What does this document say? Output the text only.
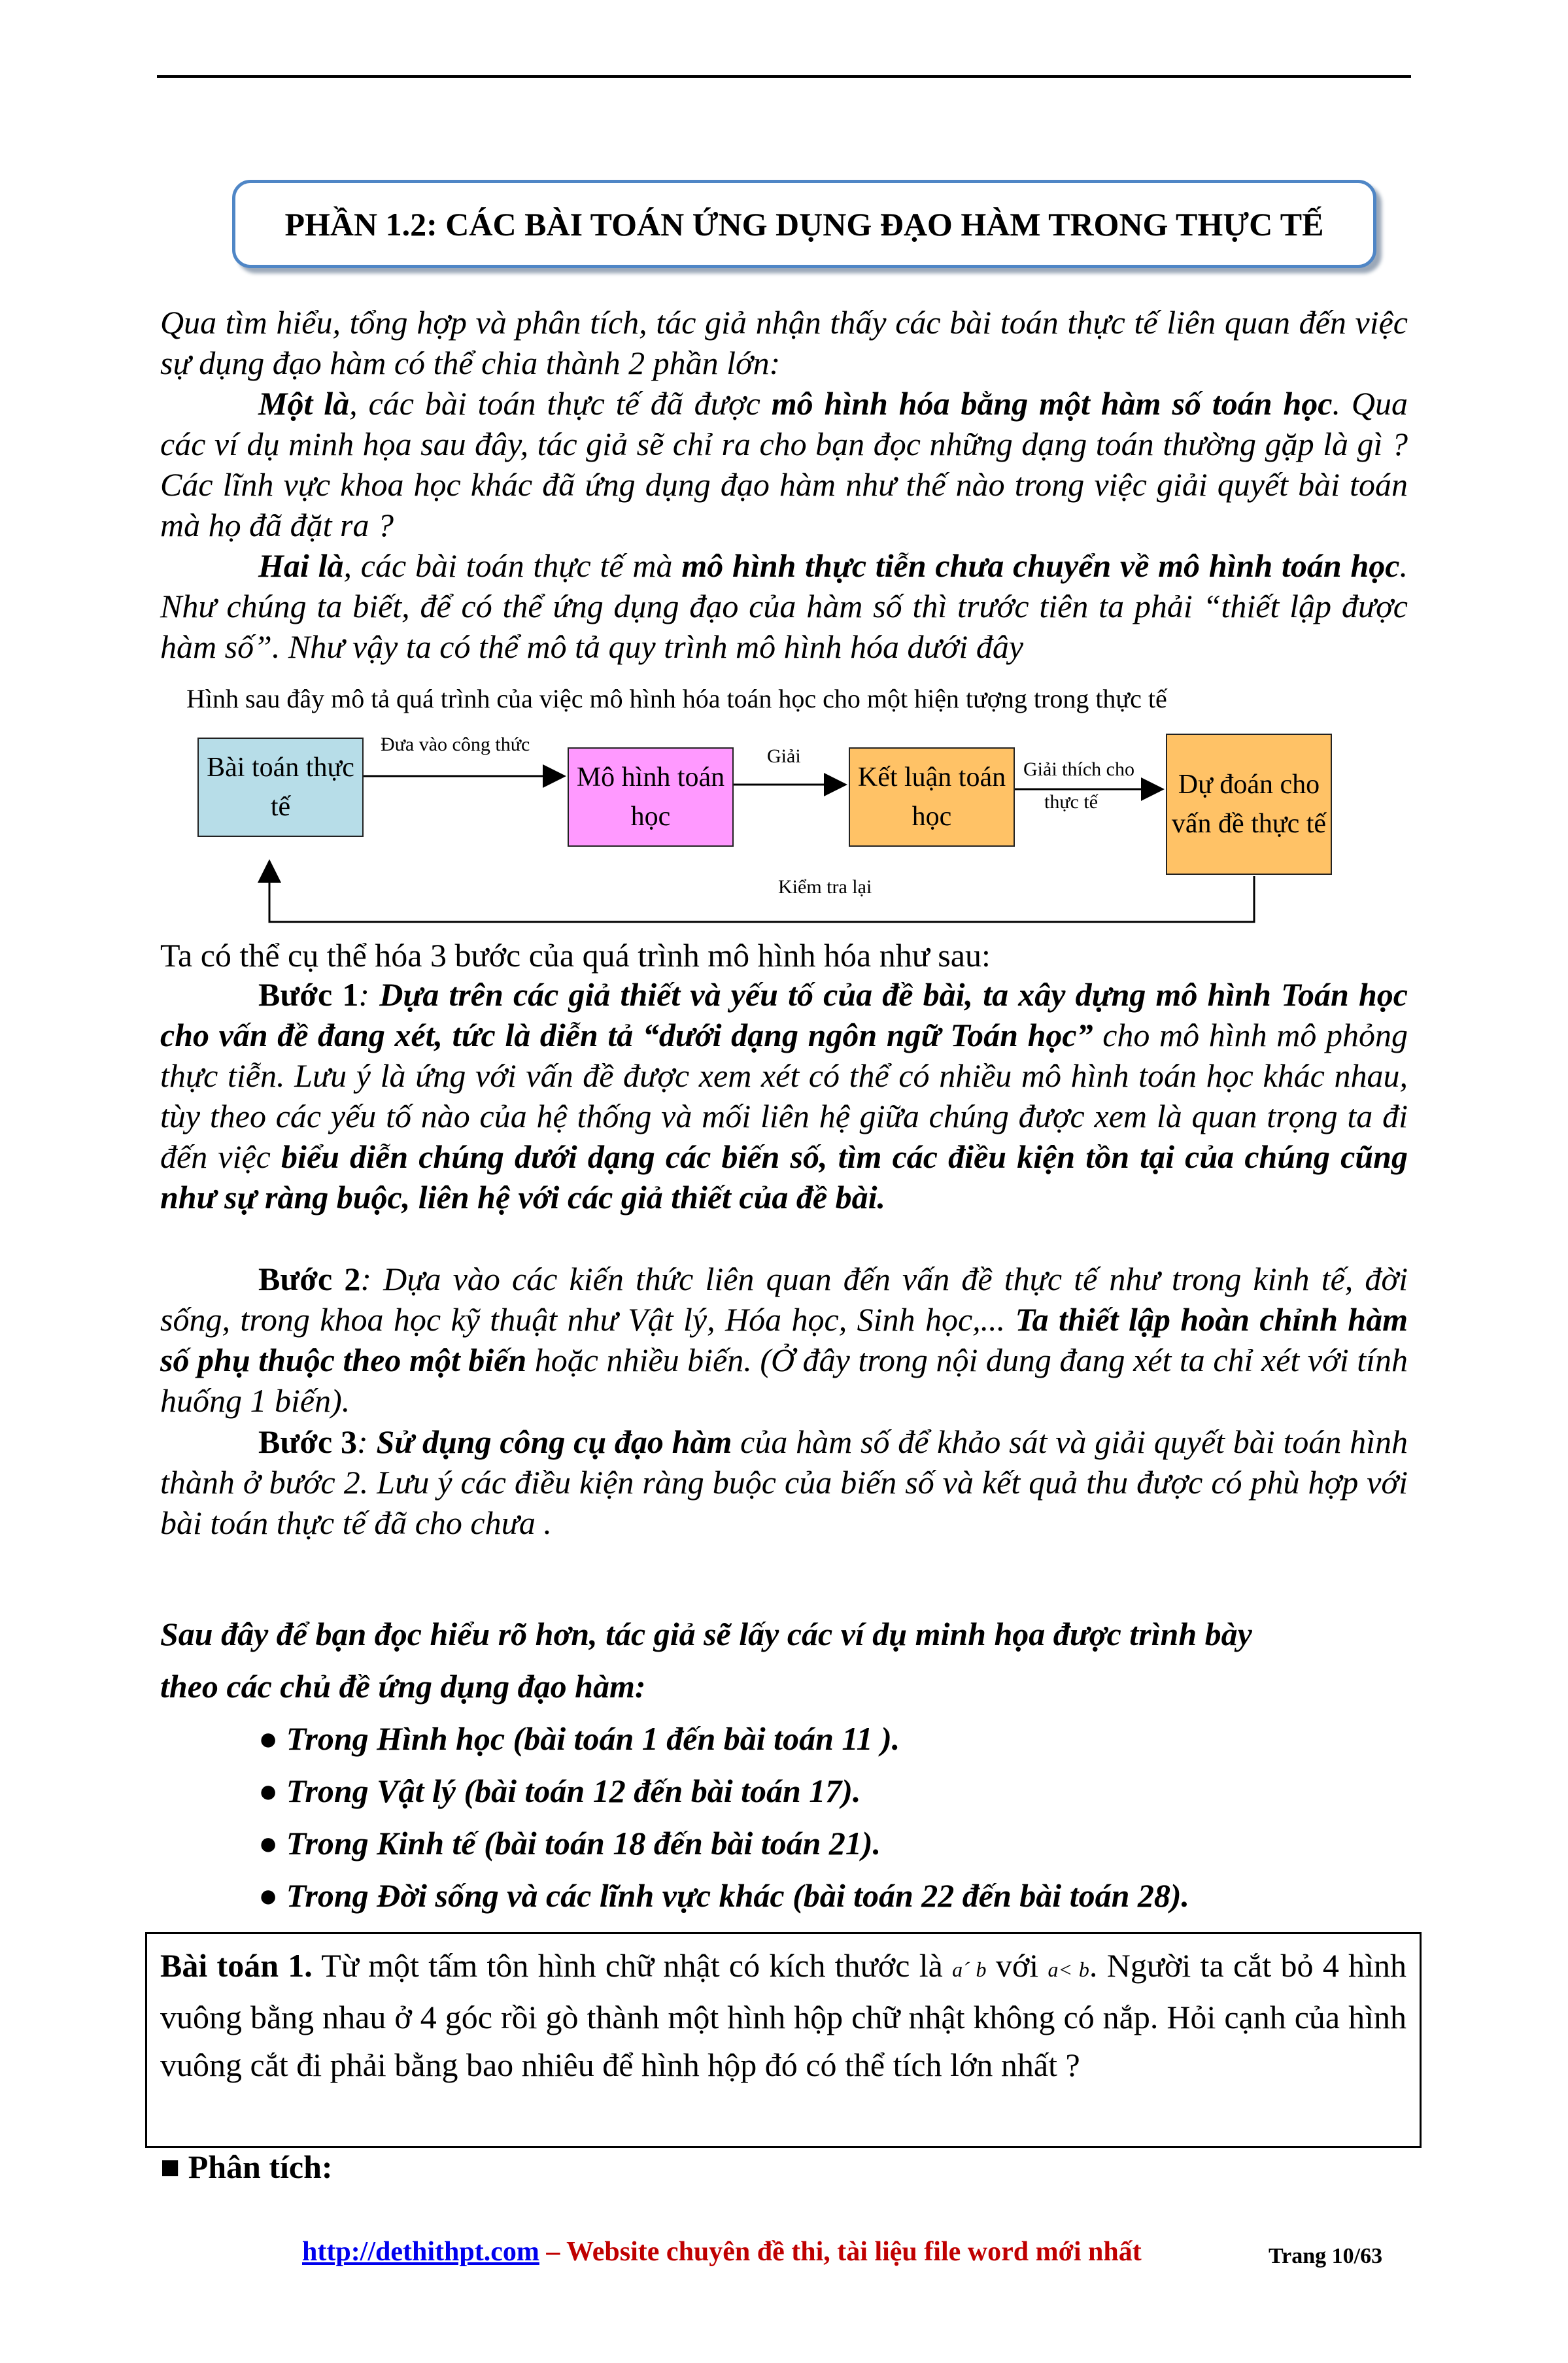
PHẦN 1.2: CÁC BÀI TOÁN ỨNG DỤNG ĐẠO HÀM TRONG THỰC TẾ
Qua tìm hiểu, tổng hợp và phân tích, tác giả nhận thấy các bài toán thực tế liên quan đến việc sự dụng đạo hàm có thể chia thành 2 phần lớn:
Một là, các bài toán thực tế đã được mô hình hóa bằng một hàm số toán học. Qua các ví dụ minh họa sau đây, tác giả sẽ chỉ ra cho bạn đọc những dạng toán thường gặp là gì ? Các lĩnh vực khoa học khác đã ứng dụng đạo hàm như thế nào trong việc giải quyết bài toán mà họ đã đặt ra ?
Hai là, các bài toán thực tế mà mô hình thực tiễn chưa chuyển về mô hình toán học. Như chúng ta biết, để có thể ứng dụng đạo của hàm số thì trước tiên ta phải “thiết lập được hàm số”. Như vậy ta có thể mô tả quy trình mô hình hóa dưới đây
Hình sau đây mô tả quá trình của việc mô hình hóa toán học cho một hiện tượng trong thực tế
Bài toán thực tế
Mô hình toán học
Kết luận toán học
Dự đoán cho vấn đề thực tế
Đưa vào công thức
Giải
Giải thích cho
thực tế
Kiểm tra lại
Ta có thể cụ thể hóa 3 bước của quá trình mô hình hóa như sau:
Bước 1: Dựa trên các giả thiết và yếu tố của đề bài, ta xây dựng mô hình Toán học cho vấn đề đang xét, tức là diễn tả “dưới dạng ngôn ngữ Toán học” cho mô hình mô phỏng thực tiễn. Lưu ý là ứng với vấn đề được xem xét có thể có nhiều mô hình toán học khác nhau, tùy theo các yếu tố nào của hệ thống và mối liên hệ giữa chúng được xem là quan trọng ta đi đến việc biểu diễn chúng dưới dạng các biến số, tìm các điều kiện tồn tại của chúng cũng như sự ràng buộc, liên hệ với các giả thiết của đề bài.
Bước 2: Dựa vào các kiến thức liên quan đến vấn đề thực tế như trong kinh tế, đời sống, trong khoa học kỹ thuật như Vật lý, Hóa học, Sinh học,... Ta thiết lập hoàn chỉnh hàm số phụ thuộc theo một biến hoặc nhiều biến. (Ở đây trong nội dung đang xét ta chỉ xét với tính huống 1 biến).
Bước 3: Sử dụng công cụ đạo hàm của hàm số để khảo sát và giải quyết bài toán hình thành ở bước 2. Lưu ý các điều kiện ràng buộc của biến số và kết quả thu được có phù hợp với bài toán thực tế đã cho chưa .
Sau đây để bạn đọc hiểu rõ hơn, tác giả sẽ lấy các ví dụ minh họa được trình bày
theo các chủ đề ứng dụng đạo hàm:
● Trong Hình học (bài toán 1 đến bài toán 11 ).
● Trong Vật lý (bài toán 12 đến bài toán 17).
● Trong Kinh tế (bài toán 18 đến bài toán 21).
● Trong Đời sống và các lĩnh vực khác (bài toán 22 đến bài toán 28).
Bài toán 1. Từ một tấm tôn hình chữ nhật có kích thước là a´ b với a< b. Người ta cắt bỏ 4 hình vuông bằng nhau ở 4 góc rồi gò thành một hình hộp chữ nhật không có nắp. Hỏi cạnh của hình vuông cắt đi phải bằng bao nhiêu để hình hộp đó có thể tích lớn nhất ?
■ Phân tích:
http://dethithpt.com – Website chuyên đề thi, tài liệu file word mới nhất	Trang 10/63
